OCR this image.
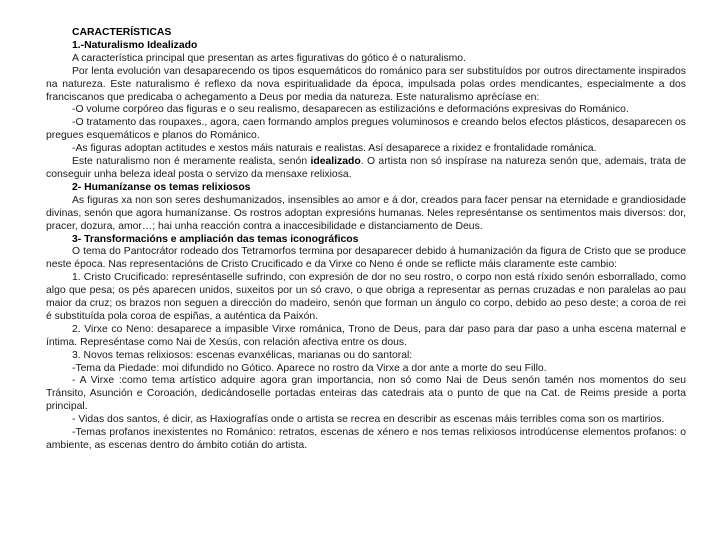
CARACTERÍSTICAS

1.-Naturalismo Idealizado

A característica principal que presentan as artes figurativas do gótico é o naturalismo.

Por lenta evolución van desaparecendo os tipos esquemáticos do románico para ser substituídos por outros directamente inspirados na natureza. Este naturalismo é reflexo da nova espiritualidade da época, impulsada polas ordes mendicantes, especialmente a dos franciscanos que predicaba o achegamento a Deus por media da natureza. Este naturalismo aprécíase en:

-O volume corpóreo das figuras e o seu realismo, desaparecen as estilizacións e deformacións expresivas do Románico.

-O tratamento das roupaxes., agora, caen formando amplos pregues voluminosos e creando belos efectos plásticos, desaparecen os pregues esquemáticos e planos do Románico.

-As figuras adoptan actitudes e xestos máis naturais e realistas. Así desaparece a rixidez e frontalidade románica.

Este naturalismo non é meramente realista, senón idealizado. O artista non só inspírase na natureza senón que, ademais, trata de conseguir unha beleza ideal posta o servizo da mensaxe relixiosa.

2- Humanízanse os temas relixiosos

As figuras xa non son seres deshumanizados, insensibles ao amor e á dor, creados para facer pensar na eternidade e grandiosidade divinas, senón que agora humanízanse. Os rostros adoptan expresións humanas. Neles represéntanse os sentimentos mais diversos: dor, pracer, dozura, amor…; hai unha reacción contra a inaccesibilidade e distanciamento de Deus.

3- Transformacións e ampliación das temas iconográficos

O tema do Pantocrátor rodeado dos Tetramorfos termina por desaparecer debido á humanización da figura de Cristo que se produce neste época. Nas representacións de Cristo Crucificado e da Virxe co Neno é onde se reflicte máis claramente este cambio:

1. Cristo Crucificado: represéntaselle sufrindo, con expresión de dor no seu rostro, o corpo non está ríxido senón esborrallado, como algo que pesa; os pés aparecen unidos, suxeitos por un só cravo, o que obriga a representar as pernas cruzadas e non paralelas ao pau maior da cruz; os brazos non seguen a dirección do madeiro, senón que forman un ángulo co corpo, debido ao peso deste; a coroa de rei é substituída pola coroa de espiñas, a auténtica da Paixón.

2. Virxe co Neno: desaparece a impasible Virxe románica, Trono de Deus, para dar paso para dar paso a unha escena maternal e íntima. Represéntase como Nai de Xesús, con relación afectiva entre os dous.

3. Novos temas relixiosos: escenas evanxélicas, marianas ou do santoral:

-Tema da Piedade: moi difundido no Gótico. Aparece no rostro da Virxe a dor ante a morte do seu Fillo.

- A Virxe :como tema artístico adquire agora gran importancia, non só como Nai de Deus senón tamén nos momentos do seu Tránsito, Asunción e Coroación, dedicándoselle portadas enteiras das catedrais ata o punto de que na Cat. de Reims preside a porta principal.

- Vidas dos santos, é dicir, as Haxiografías onde o artista se recrea en describir as escenas máis terribles coma son os martirios.

-Temas profanos inexistentes no Románico: retratos, escenas de xénero e nos temas relixiosos introdúcense elementos profanos: o ambiente, as escenas dentro do ámbito cotián do artista.
